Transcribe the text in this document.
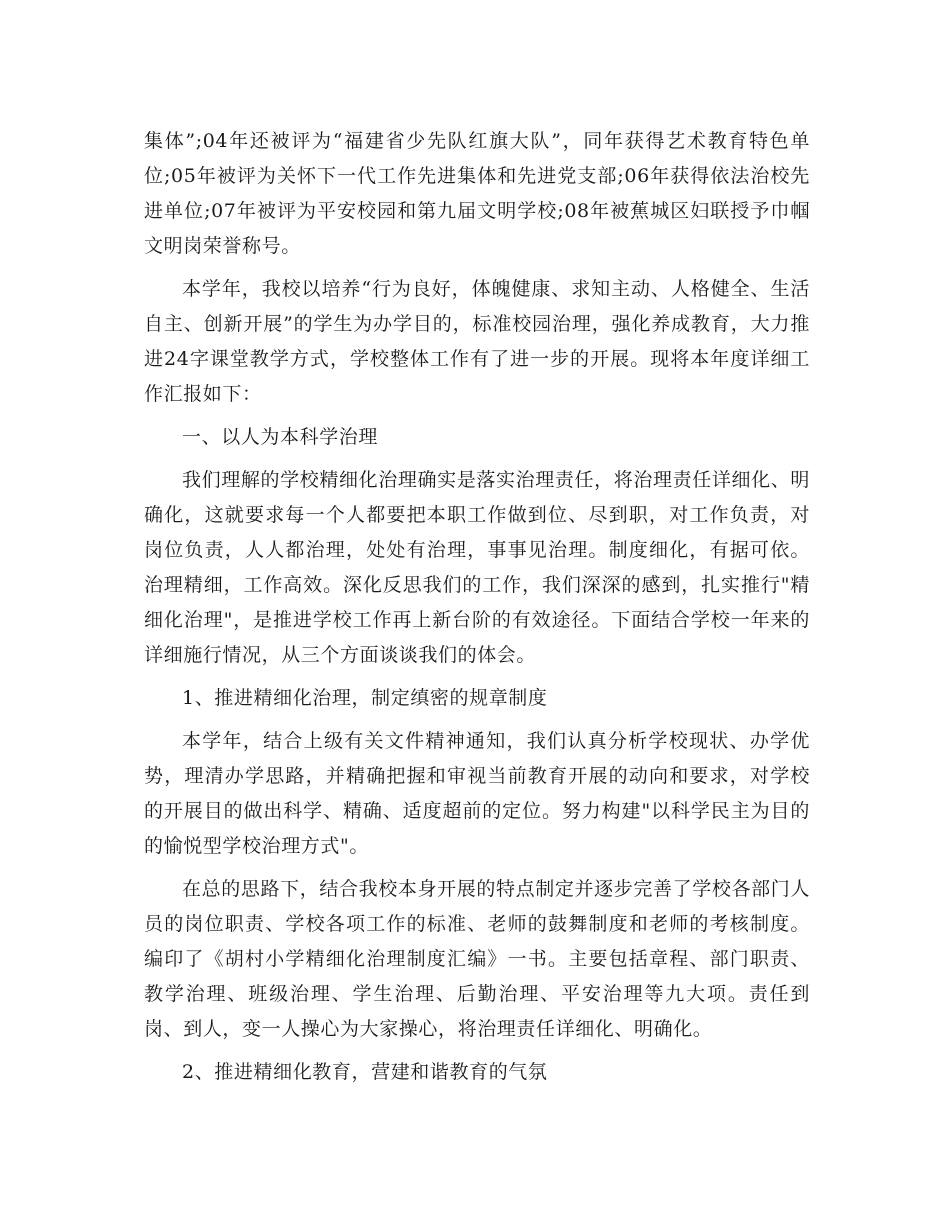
集体”;04年还被评为“福建省少先队红旗大队”，同年获得艺术教育特色单位;05年被评为关怀下一代工作先进集体和先进党支部;06年获得依法治校先进单位;07年被评为平安校园和第九届文明学校;08年被蕉城区妇联授予巾帼文明岗荣誉称号。

本学年，我校以培养“行为良好，体魄健康、求知主动、人格健全、生活自主、创新开展”的学生为办学目的，标准校园治理，强化养成教育，大力推进24字课堂教学方式，学校整体工作有了进一步的开展。现将本年度详细工作汇报如下：

一、以人为本科学治理

我们理解的学校精细化治理确实是落实治理责任，将治理责任详细化、明确化，这就要求每一个人都要把本职工作做到位、尽到职，对工作负责，对岗位负责，人人都治理，处处有治理，事事见治理。制度细化，有据可依。治理精细，工作高效。深化反思我们的工作，我们深深的感到，扎实推行"精细化治理"，是推进学校工作再上新台阶的有效途径。下面结合学校一年来的详细施行情况，从三个方面谈谈我们的体会。

1、推进精细化治理，制定缜密的规章制度

本学年，结合上级有关文件精神通知，我们认真分析学校现状、办学优势，理清办学思路，并精确把握和审视当前教育开展的动向和要求，对学校的开展目的做出科学、精确、适度超前的定位。努力构建"以科学民主为目的的愉悦型学校治理方式"。

在总的思路下，结合我校本身开展的特点制定并逐步完善了学校各部门人员的岗位职责、学校各项工作的标准、老师的鼓舞制度和老师的考核制度。编印了《胡村小学精细化治理制度汇编》一书。主要包括章程、部门职责、教学治理、班级治理、学生治理、后勤治理、平安治理等九大项。责任到岗、到人，变一人操心为大家操心，将治理责任详细化、明确化。

2、推进精细化教育，营建和谐教育的气氛
